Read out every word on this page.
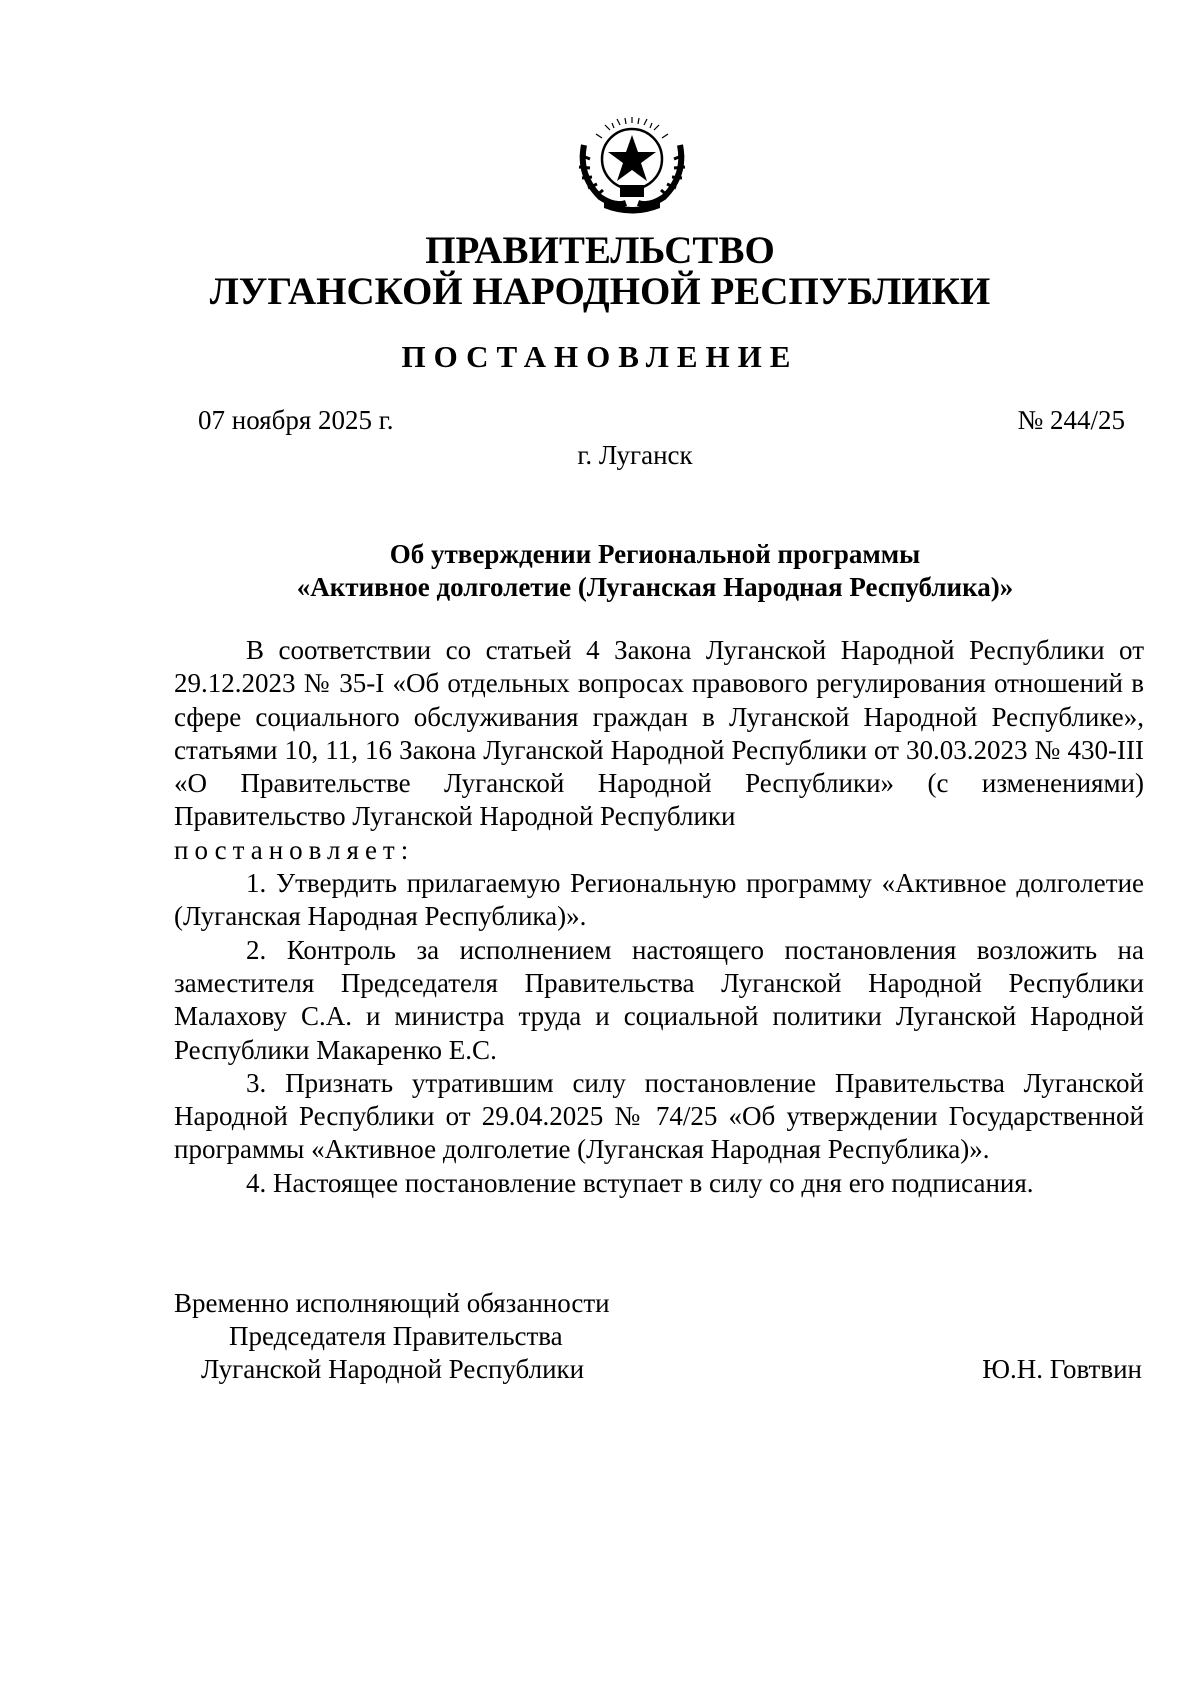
ПРАВИТЕЛЬСТВО
ЛУГАНСКОЙ НАРОДНОЙ РЕСПУБЛИКИ
ПОСТАНОВЛЕНИЕ
07 ноября 2025 г.	№ 244/25
г. Луганск
Об утверждении Региональной программы
«Активное долголетие (Луганская Народная Республика)»

В соответствии со статьей 4 Закона Луганской Народной Республики от 29.12.2023 № 35-I «Об отдельных вопросах правового регулирования отношений в сфере социального обслуживания граждан в Луганской Народной Республике», статьями 10, 11, 16 Закона Луганской Народной Республики от 30.03.2023 № 430-III «О Правительстве Луганской Народной Республики» (с изменениями) Правительство Луганской Народной Республики

постановляет:

1. Утвердить прилагаемую Региональную программу «Активное долголетие (Луганская Народная Республика)».

2. Контроль за исполнением настоящего постановления возложить на заместителя Председателя Правительства Луганской Народной Республики Малахову С.А. и министра труда и социальной политики Луганской Народной Республики Макаренко Е.С.

3. Признать утратившим силу постановление Правительства Луганской Народной Республики от 29.04.2025 № 74/25 «Об утверждении Государственной программы «Активное долголетие (Луганская Народная Республика)».

4. Настоящее постановление вступает в силу со дня его подписания.

Временно исполняющий обязанности
Председателя Правительства
Луганской Народной Республики	Ю.Н. Говтвин
